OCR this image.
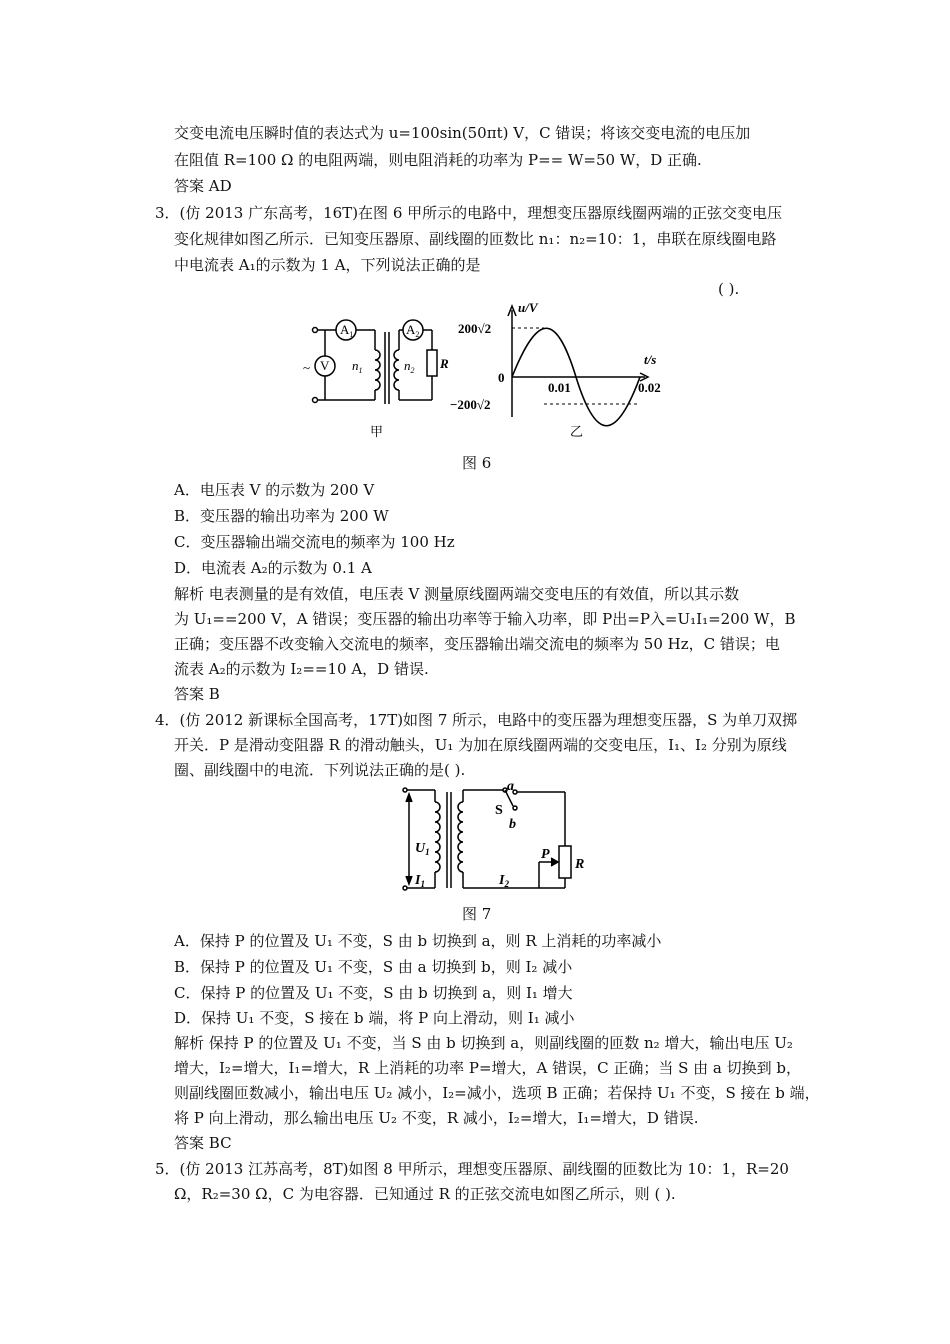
交变电流电压瞬时值的表达式为 u=100sin(50πt) V，C 错误；将该交变电流的电压加
在阻值 R=100 Ω 的电阻两端，则电阻消耗的功率为 P== W=50 W，D 正确.
答案 AD
3．(仿 2013 广东高考，16T)在图 6 甲所示的电路中，理想变压器原线圈两端的正弦交变电压
变化规律如图乙所示．已知变压器原、副线圈的匝数比 n₁：n₂=10：1，串联在原线圈电路
中电流表 A₁的示数为 1 A，下列说法正确的是
( ).
$A_1$	$A_2$
V
~	$n_1$	$n_2$ R
甲	乙
u/V
t/s
200√2
−200√2
0
0.01	0.02
图 6
A．电压表 V 的示数为 200 V
B．变压器的输出功率为 200 W
C．变压器输出端交流电的频率为 100 Hz
D．电流表 A₂的示数为 0.1 A
解析 电表测量的是有效值，电压表 V 测量原线圈两端交变电压的有效值，所以其示数
为 U₁==200 V，A 错误；变压器的输出功率等于输入功率，即 P出=P入=U₁I₁=200 W，B
正确；变压器不改变输入交流电的频率，变压器输出端交流电的频率为 50 Hz，C 错误；电
流表 A₂的示数为 I₂==10 A，D 错误.
答案 B
4．(仿 2012 新课标全国高考，17T)如图 7 所示，电路中的变压器为理想变压器，S 为单刀双掷
开关．P 是滑动变阻器 R 的滑动触头，U₁ 为加在原线圈两端的交变电压，I₁、I₂ 分别为原线
圈、副线圈中的电流．下列说法正确的是( ).
a
S
b
$U_1$
$I_1$	$I_2$
P
R
图 7
A．保持 P 的位置及 U₁ 不变，S 由 b 切换到 a，则 R 上消耗的功率减小
B．保持 P 的位置及 U₁ 不变，S 由 a 切换到 b，则 I₂ 减小
C．保持 P 的位置及 U₁ 不变，S 由 b 切换到 a，则 I₁ 增大
D．保持 U₁ 不变，S 接在 b 端，将 P 向上滑动，则 I₁ 减小
解析 保持 P 的位置及 U₁ 不变，当 S 由 b 切换到 a，则副线圈的匝数 n₂ 增大，输出电压 U₂
增大，I₂=增大，I₁=增大，R 上消耗的功率 P=增大，A 错误，C 正确；当 S 由 a 切换到 b，
则副线圈匝数减小，输出电压 U₂ 减小，I₂=减小，选项 B 正确；若保持 U₁ 不变，S 接在 b 端，
将 P 向上滑动，那么输出电压 U₂ 不变，R 减小，I₂=增大，I₁=增大，D 错误.
答案 BC
5．(仿 2013 江苏高考，8T)如图 8 甲所示，理想变压器原、副线圈的匝数比为 10：1，R=20
Ω，R₂=30 Ω，C 为电容器．已知通过 R 的正弦交流电如图乙所示，则 ( ).
